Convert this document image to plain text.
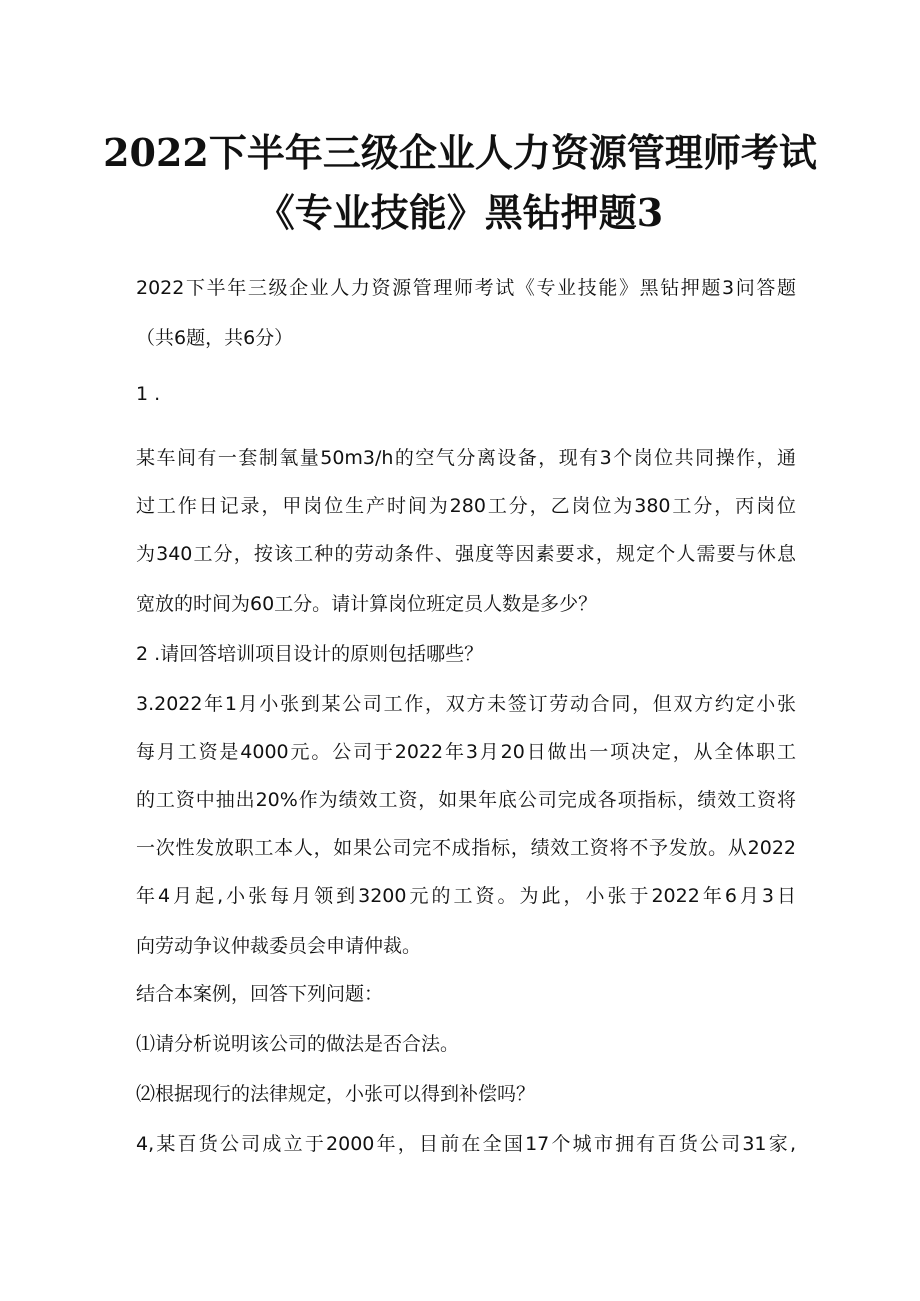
2022下半年三级企业人力资源管理师考试
《专业技能》黑钻押题3
2022下半年三级企业人力资源管理师考试《专业技能》黑钻押题3问答题
（共6题，共6分）
1 .
某车间有一套制氧量50m3/h的空气分离设备，现有3个岗位共同操作，通
过工作日记录，甲岗位生产时间为280工分，乙岗位为380工分，丙岗位
为340工分，按该工种的劳动条件、强度等因素要求，规定个人需要与休息
宽放的时间为60工分。请计算岗位班定员人数是多少？
2 .请回答培训项目设计的原则包括哪些？
3.2022年1月小张到某公司工作，双方未签订劳动合同，但双方约定小张
每月工资是4000元。公司于2022年3月20日做出一项决定，从全体职工
的工资中抽出20%作为绩效工资，如果年底公司完成各项指标，绩效工资将
一次性发放职工本人，如果公司完不成指标，绩效工资将不予发放。从2022
年4月起,小张每月领到3200元的工资。为此，小张于2022年6月3日
向劳动争议仲裁委员会申请仲裁。
结合本案例，回答下列问题：
⑴请分析说明该公司的做法是否合法。
⑵根据现行的法律规定，小张可以得到补偿吗？
4,某百货公司成立于2000年，目前在全国17个城市拥有百货公司31家,
